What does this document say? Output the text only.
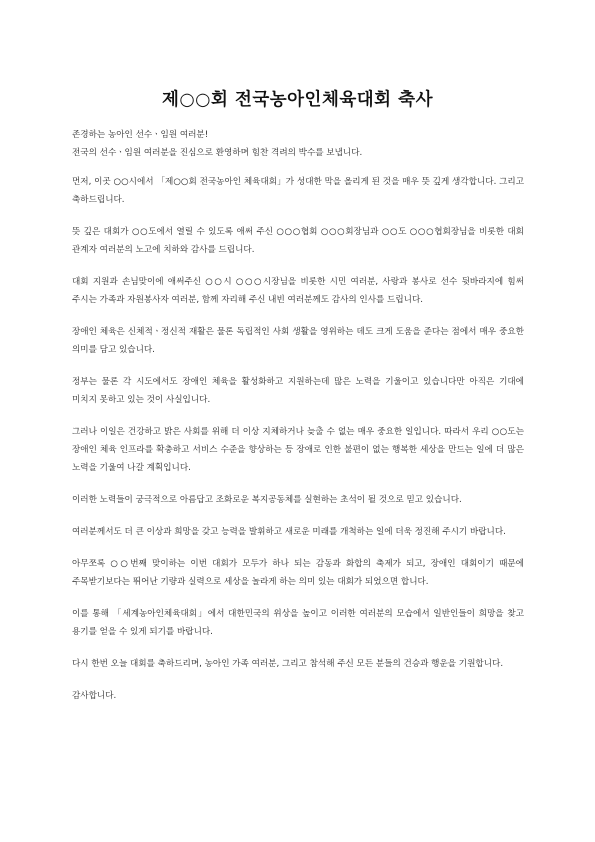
제○○회 전국농아인체육대회 축사

존경하는 농아인 선수ㆍ임원 여러분!

전국의 선수ㆍ임원 여러분을 진심으로 환영하며 힘찬 격려의 박수를 보냅니다.

먼저, 이곳 ○○시에서 「제○○회 전국농아인 체육대회」가 성대한 막을 올리게 된 것을 매우 뜻 깊게 생각합니다. 그리고 축하드립니다.

뜻 깊은 대회가 ○○도에서 열릴 수 있도록 애써 주신 ○○○협회 ○○○회장님과 ○○도 ○○○협회장님을 비롯한 대회 관계자 여러분의 노고에 치하와 감사를 드립니다.

대회 지원과 손님맞이에 애써주신 ○○시 ○○○시장님을 비롯한 시민 여러분, 사랑과 봉사로 선수 뒷바라지에 힘써 주시는 가족과 자원봉사자 여러분, 함께 자리해 주신 내빈 여러분께도 감사의 인사를 드립니다.

장애인 체육은 신체적ㆍ정신적 재활은 물론 독립적인 사회 생활을 영위하는 데도 크게 도움을 준다는 점에서 매우 중요한 의미를 담고 있습니다.

정부는 물론 각 시도에서도 장애인 체육을 활성화하고 지원하는데 많은 노력을 기울이고 있습니다만 아직은 기대에 미치지 못하고 있는 것이 사실입니다.

그러나 이일은 건강하고 밝은 사회를 위해 더 이상 지체하거나 늦출 수 없는 매우 중요한 일입니다. 따라서 우리 ○○도는 장애인 체육 인프라를 확충하고 서비스 수준을 향상하는 등 장애로 인한 불편이 없는 행복한 세상을 만드는 일에 더 많은 노력을 기울여 나갈 계획입니다.

이러한 노력들이 궁극적으로 아름답고 조화로운 복지공동체를 실현하는 초석이 될 것으로 믿고 있습니다.

여러분께서도 더 큰 이상과 희망을 갖고 능력을 발휘하고 새로운 미래를 개척하는 일에 더욱 정진해 주시기 바랍니다.

아무쪼록 ○○번째 맞이하는 이번 대회가 모두가 하나 되는 감동과 화합의 축제가 되고, 장애인 대회이기 때문에 주목받기보다는 뛰어난 기량과 실력으로 세상을 놀라게 하는 의미 있는 대회가 되었으면 합니다.

이를 통해 「세계농아인체육대회」에서 대한민국의 위상을 높이고 이러한 여러분의 모습에서 일반인들이 희망을 찾고 용기를 얻을 수 있게 되기를 바랍니다.

다시 한번 오늘 대회를 축하드리며, 농아인 가족 여러분, 그리고 참석해 주신 모든 분들의 건승과 행운을 기원합니다.

감사합니다.
